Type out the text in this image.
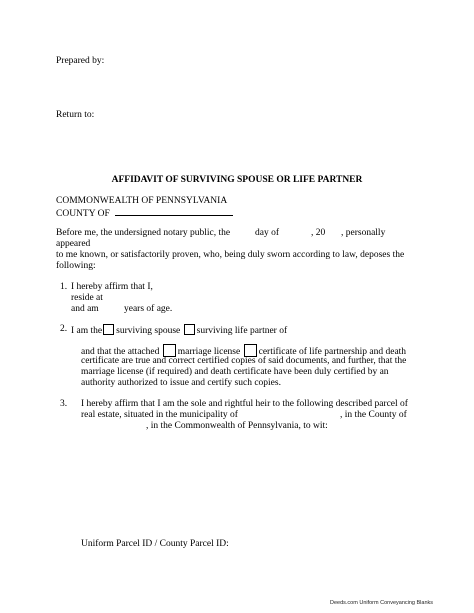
Prepared by:
Return to:
AFFIDAVIT OF SURVIVING SPOUSE OR LIFE PARTNER
COMMONWEALTH OF PENNSYLVANIA
COUNTY OF
Before me, the undersigned notary public, the	day of	, 20 , personally
appeared
to me known, or satisfactorily proven, who, being duly sworn according to law, deposes the
following:
1. I hereby affirm that I,
reside at
and am	years of age.
2. I am the surviving spouse surviving life partner of
and that the attached marriage license certificate of life partnership and death
certificate are true and correct certified copies of said documents, and further, that the
marriage license (if required) and death certificate have been duly certified by an
authority authorized to issue and certify such copies.
3. I hereby affirm that I am the sole and rightful heir to the following described parcel of
real estate, situated in the municipality of	, in the County of
, in the Commonwealth of Pennsylvania, to wit:
Uniform Parcel ID / County Parcel ID:
Deeds.com Uniform Conveyancing Blanks
